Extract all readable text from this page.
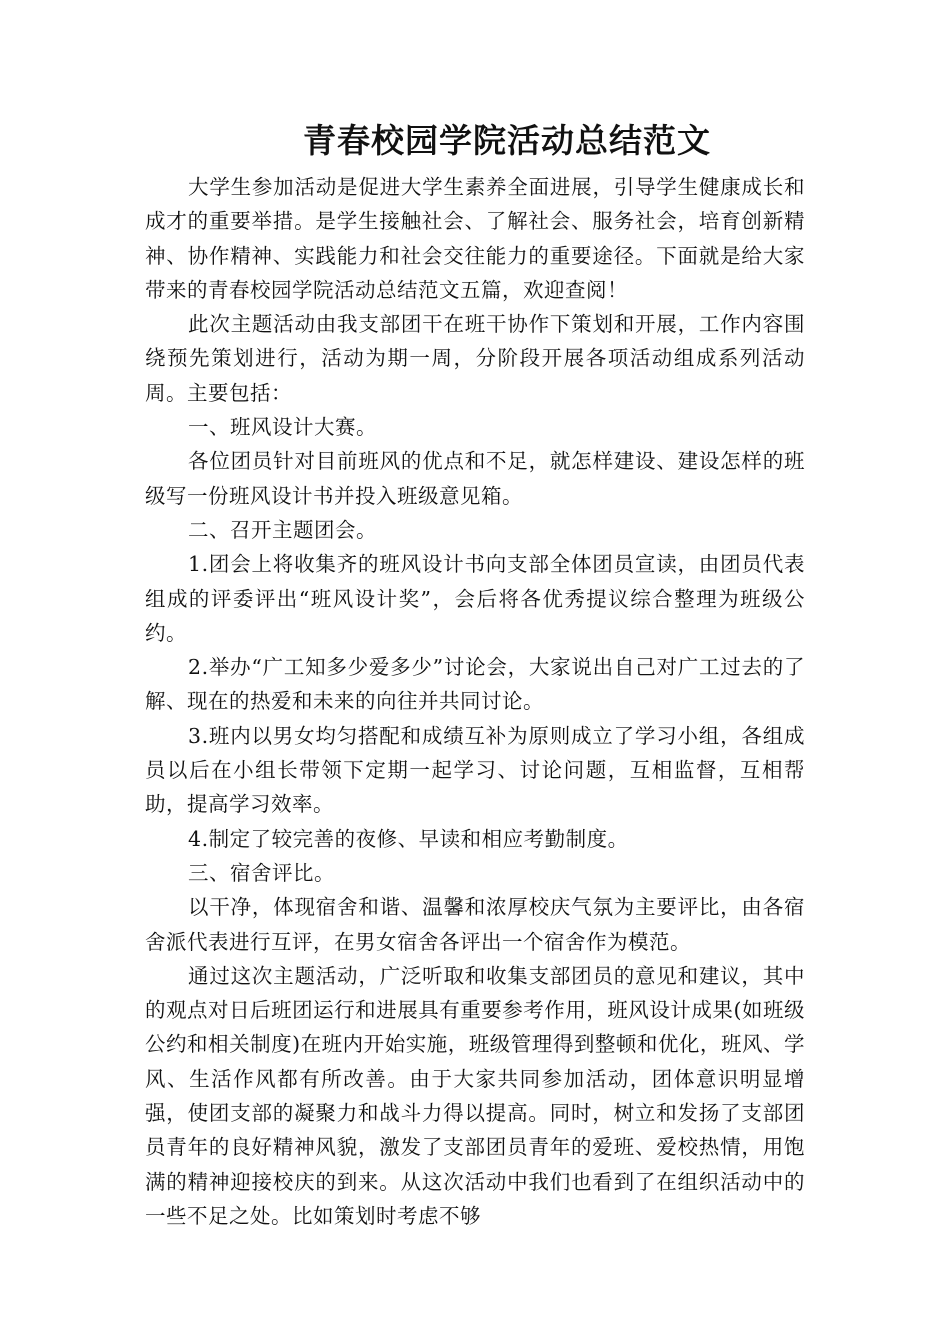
青春校园学院活动总结范文

大学生参加活动是促进大学生素养全面进展，引导学生健康成长和成才的重要举措。是学生接触社会、了解社会、服务社会，培育创新精神、协作精神、实践能力和社会交往能力的重要途径。下面就是给大家带来的青春校园学院活动总结范文五篇，欢迎查阅！

此次主题活动由我支部团干在班干协作下策划和开展，工作内容围绕预先策划进行，活动为期一周，分阶段开展各项活动组成系列活动周。主要包括：

一、班风设计大赛。

各位团员针对目前班风的优点和不足，就怎样建设、建设怎样的班级写一份班风设计书并投入班级意见箱。

二、召开主题团会。

1.团会上将收集齐的班风设计书向支部全体团员宣读，由团员代表组成的评委评出“班风设计奖”，会后将各优秀提议综合整理为班级公约。

2.举办“广工知多少爱多少”讨论会，大家说出自己对广工过去的了解、现在的热爱和未来的向往并共同讨论。

3.班内以男女均匀搭配和成绩互补为原则成立了学习小组，各组成员以后在小组长带领下定期一起学习、讨论问题，互相监督，互相帮助，提高学习效率。

4.制定了较完善的夜修、早读和相应考勤制度。

三、宿舍评比。

以干净，体现宿舍和谐、温馨和浓厚校庆气氛为主要评比，由各宿舍派代表进行互评，在男女宿舍各评出一个宿舍作为模范。

通过这次主题活动，广泛听取和收集支部团员的意见和建议，其中的观点对日后班团运行和进展具有重要参考作用，班风设计成果(如班级公约和相关制度)在班内开始实施，班级管理得到整顿和优化，班风、学风、生活作风都有所改善。由于大家共同参加活动，团体意识明显增强，使团支部的凝聚力和战斗力得以提高。同时，树立和发扬了支部团员青年的良好精神风貌，激发了支部团员青年的爱班、爱校热情，用饱满的精神迎接校庆的到来。从这次活动中我们也看到了在组织活动中的一些不足之处。比如策划时考虑不够
